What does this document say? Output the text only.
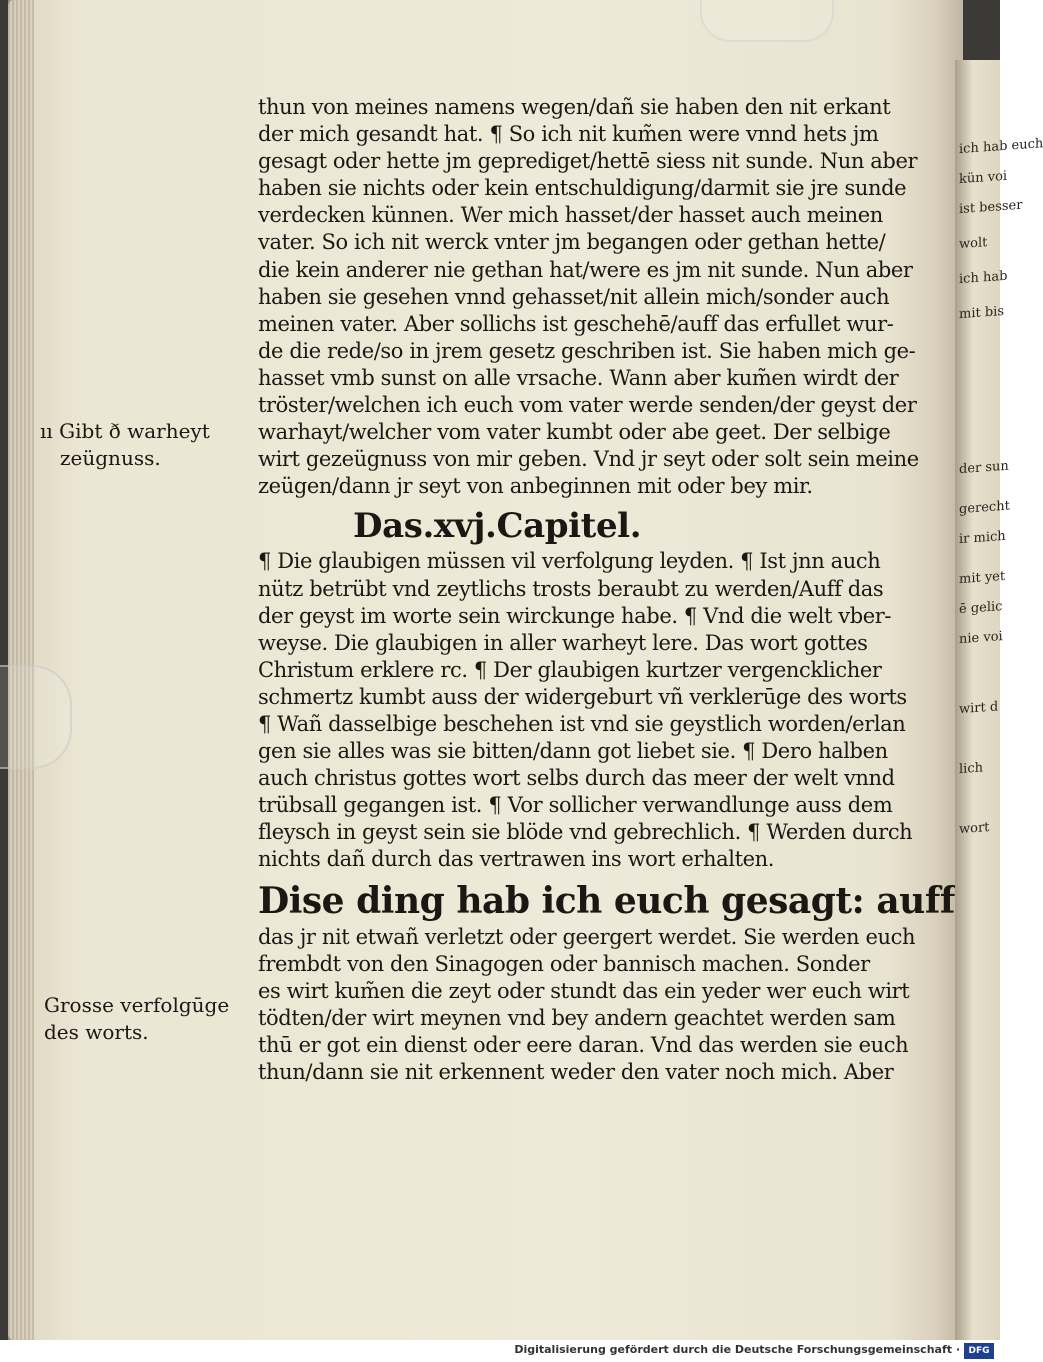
ıı Gibt ð warheyt
zeügnuss.
Grosse verfolgūge
des worts.
thun von meines namens wegen/dañ sie haben den nit erkant
der mich gesandt hat. ¶ So ich nit kum̃en were vnnd hets jm
gesagt oder hette jm geprediget/hettē siess nit sunde. Nun aber
haben sie nichts oder kein entschuldigung/darmit sie jre sunde
verdecken künnen. Wer mich hasset/der hasset auch meinen
vater. So ich nit werck vnter jm begangen oder gethan hette/
die kein anderer nie gethan hat/were es jm nit sunde. Nun aber
haben sie gesehen vnnd gehasset/nit allein mich/sonder auch
meinen vater. Aber sollichs ist geschehē/auff das erfullet wur-
de die rede/so in jrem gesetz geschriben ist. Sie haben mich ge-
hasset vmb sunst on alle vrsache. Wann aber kum̃en wirdt der
tröster/welchen ich euch vom vater werde senden/der geyst der
warhayt/welcher vom vater kumbt oder abe geet. Der selbige
wirt gezeügnuss von mir geben. Vnd jr seyt oder solt sein meine
zeügen/dann jr seyt von anbeginnen mit oder bey mir.
Das.xvj.Capitel.
¶ Die glaubigen müssen vil verfolgung leyden. ¶ Ist jnn auch
nütz betrübt vnd zeytlichs trosts beraubt zu werden/Auff das
der geyst im worte sein wirckunge habe. ¶ Vnd die welt vber-
weyse. Die glaubigen in aller warheyt lere. Das wort gottes
Christum erklere rc. ¶ Der glaubigen kurtzer vergencklicher
schmertz kumbt auss der widergeburt vñ verklerūge des worts
¶ Wañ dasselbige beschehen ist vnd sie geystlich worden/erlan
gen sie alles was sie bitten/dann got liebet sie. ¶ Dero halben
auch christus gottes wort selbs durch das meer der welt vnnd
trübsall gegangen ist. ¶ Vor sollicher verwandlunge auss dem
fleysch in geyst sein sie blöde vnd gebrechlich. ¶ Werden durch
nichts dañ durch das vertrawen ins wort erhalten.
Dise ding hab ich euch gesagt: auff
das jr nit etwañ verletzt oder geergert werdet. Sie werden euch
frembdt von den Sinagogen oder bannisch machen. Sonder
es wirt kum̃en die zeyt oder stundt das ein yeder wer euch wirt
tödten/der wirt meynen vnd bey andern geachtet werden sam
thū er got ein dienst oder eere daran. Vnd das werden sie euch
thun/dann sie nit erkennent weder den vater noch mich. Aber
ich hab euch
kün voi
ist besser
wolt
ich hab
mit bis
der sun
gerecht
ir mich
mit yet
ē gelic
nie voi
wirt d
lich
wort
Digitalisierung gefördert durch die Deutsche Forschungsgemeinschaft · DFG
